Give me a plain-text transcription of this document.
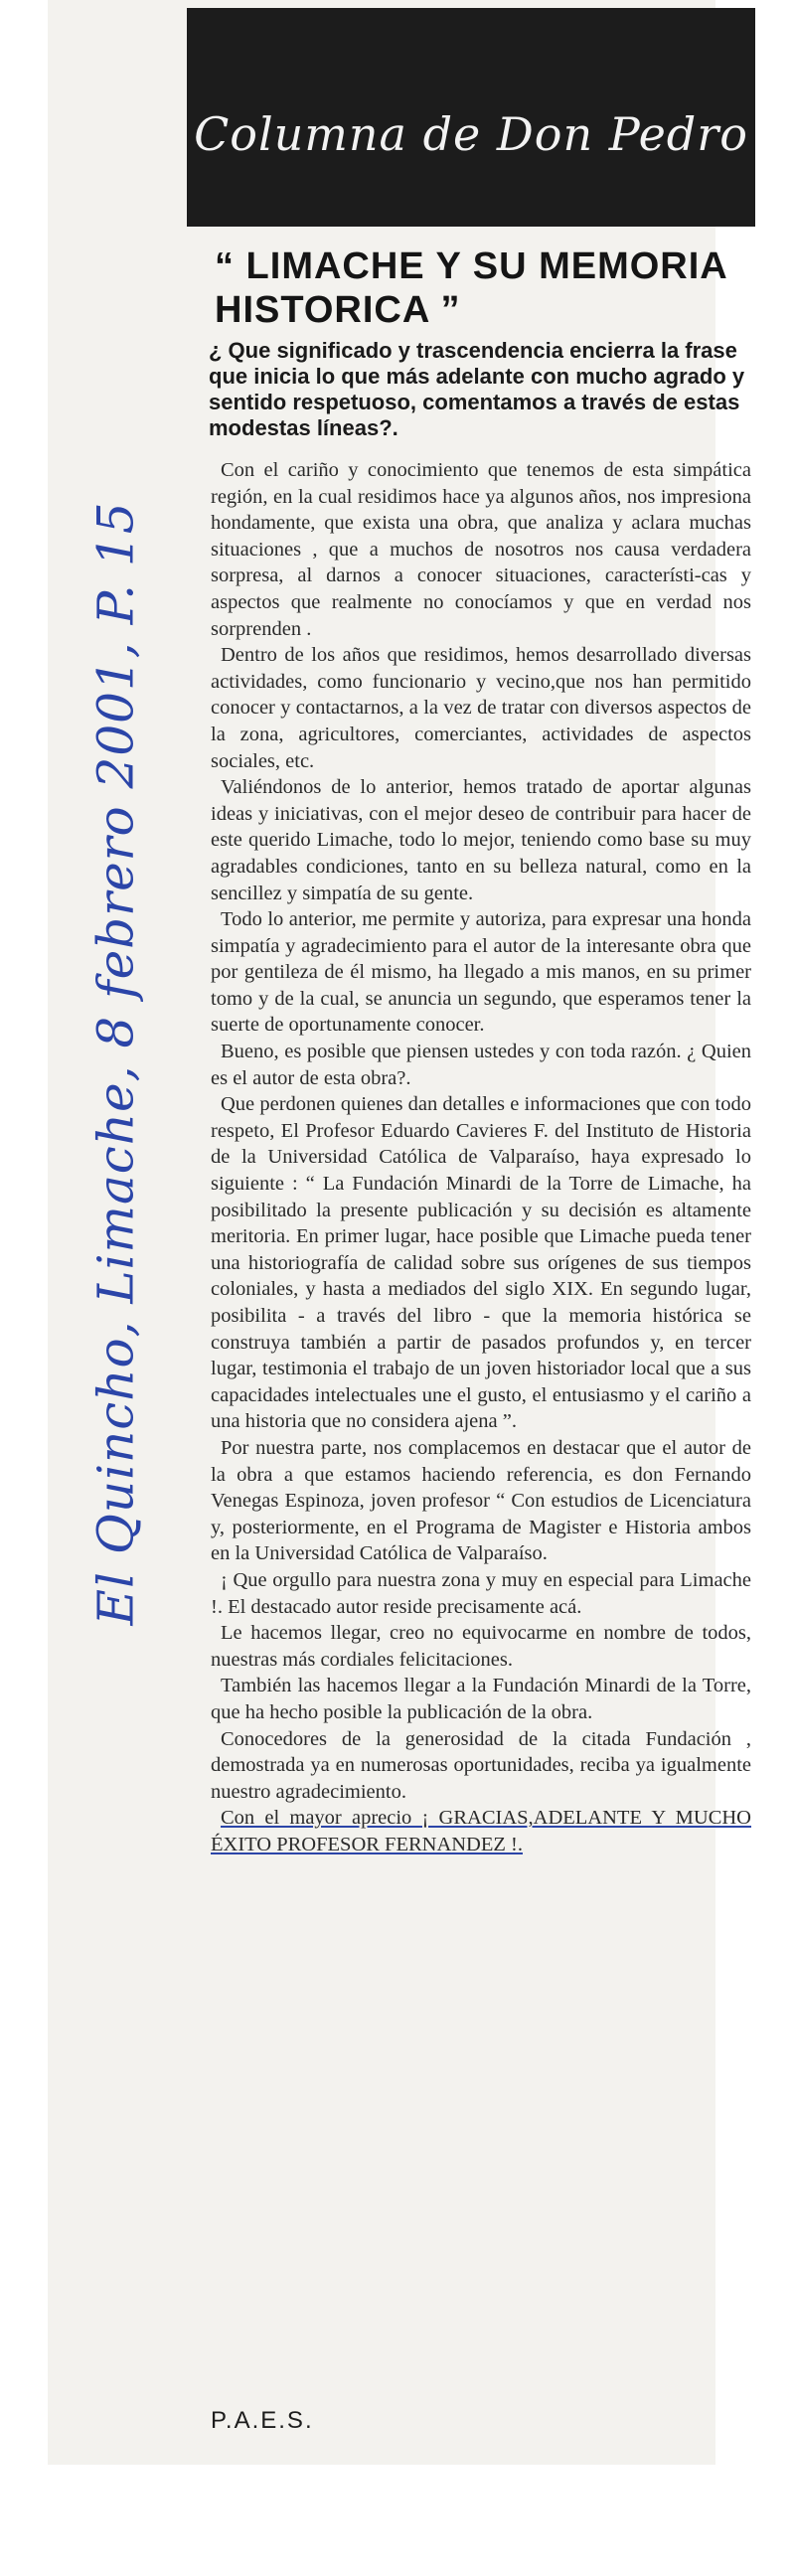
El Quincho, Limache, 8 febrero 2001, P. 15
Columna de Don Pedro
“ LIMACHE Y SU MEMORIA HISTORICA ”

¿ Que significado y trascendencia encierra la frase que inicia lo que más adelante con mucho agrado y sentido respetuoso, comentamos a través de estas modestas líneas?.

Con el cariño y conocimiento que tenemos de esta simpática región, en la cual residimos hace ya algunos años, nos impresiona hondamente, que exista una obra, que analiza y aclara muchas situaciones , que a muchos de nosotros nos causa verdadera sorpresa, al darnos a conocer situaciones, característi-cas y aspectos que realmente no conocíamos y que en verdad nos sorprenden .

Dentro de los años que residimos, hemos desarrollado diversas actividades, como funcionario y vecino,que nos han permitido conocer y contactarnos, a la vez de tratar con diversos aspectos de la zona, agricultores, comerciantes, actividades de aspectos sociales, etc.

Valiéndonos de lo anterior, hemos tratado de aportar algunas ideas y iniciativas, con el mejor deseo de contribuir para hacer de este querido Limache, todo lo mejor, teniendo como base su muy agradables condiciones, tanto en su belleza natural, como en la sencillez y simpatía de su gente.

Todo lo anterior, me permite y autoriza, para expresar una honda simpatía y agradecimiento para el autor de la interesante obra que por gentileza de él mismo, ha llegado a mis manos, en su primer tomo y de la cual, se anuncia un segundo, que esperamos tener la suerte de oportunamente conocer.

Bueno, es posible que piensen ustedes y con toda razón. ¿ Quien es el autor de esta obra?.

Que perdonen quienes dan detalles e informaciones que con todo respeto, El Profesor Eduardo Cavieres F. del Instituto de Historia de la Universidad Católica de Valparaíso, haya expresado lo siguiente : “ La Fundación Minardi de la Torre de Limache, ha posibilitado la presente publicación y su decisión es altamente meritoria. En primer lugar, hace posible que Limache pueda tener una historiografía de calidad sobre sus orígenes de sus tiempos coloniales, y hasta a mediados del siglo XIX. En segundo lugar, posibilita - a través del libro - que la memoria histórica se construya también a partir de pasados profundos y, en tercer lugar, testimonia el trabajo de un joven historiador local que a sus capacidades intelectuales une el gusto, el entusiasmo y el cariño a una historia que no considera ajena ”.

Por nuestra parte, nos complacemos en destacar que el autor de la obra a que estamos haciendo referencia, es don Fernando Venegas Espinoza, joven profesor “ Con estudios de Licenciatura y, posteriormente, en el Programa de Magister e Historia ambos en la Universidad Católica de Valparaíso.

¡ Que orgullo para nuestra zona y muy en especial para Limache !. El destacado autor reside precisamente acá.

Le hacemos llegar, creo no equivocarme en nombre de todos, nuestras más cordiales felicitaciones.

También las hacemos llegar a la Fundación Minardi de la Torre, que ha hecho posible la publicación de la obra.

Conocedores de la generosidad de la citada Fundación , demostrada ya en numerosas oportunidades, reciba ya igualmente nuestro agradecimiento.

Con el mayor aprecio ¡ GRACIAS,ADELANTE Y MUCHO ÉXITO PROFESOR FERNANDEZ !.

P.A.E.S.
